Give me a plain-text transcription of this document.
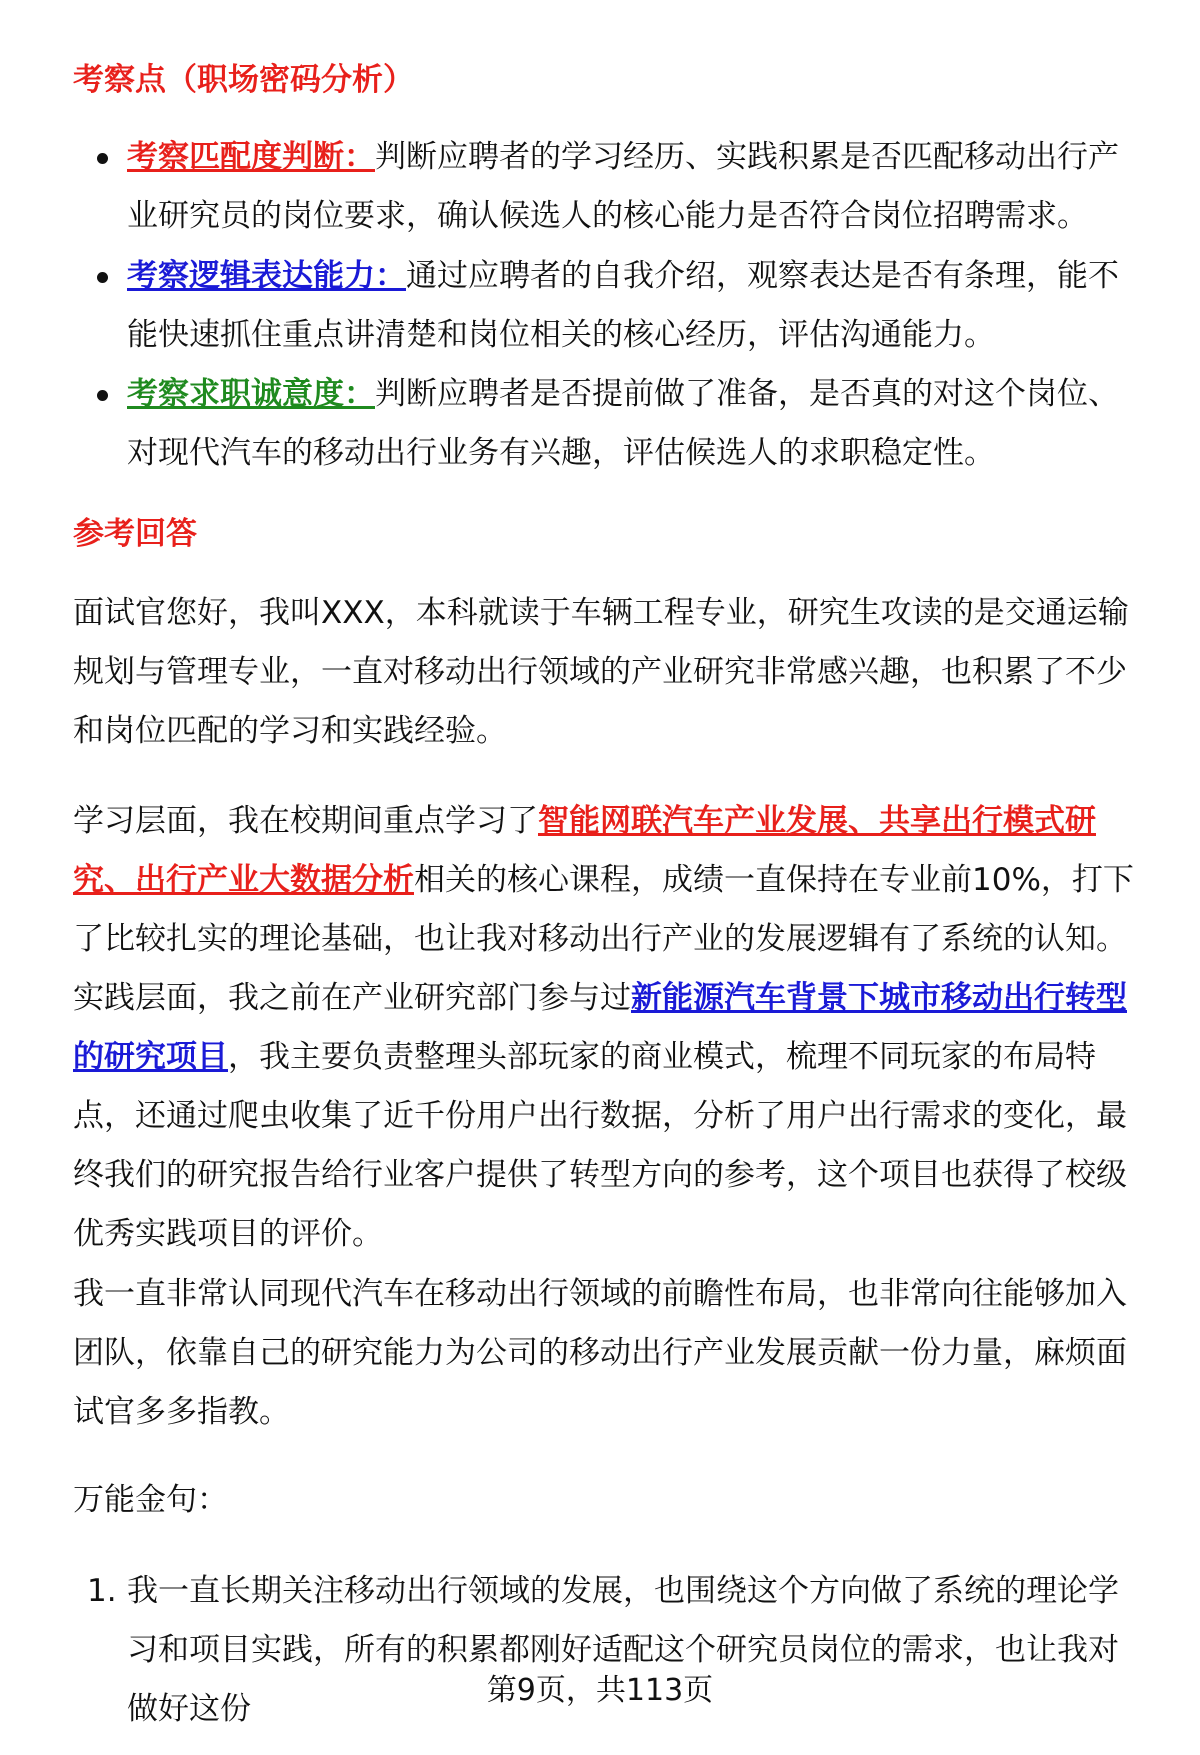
考察点（职场密码分析）
考察匹配度判断：判断应聘者的学习经历、实践积累是否匹配移动出行产业研究员的岗位要求，确认候选人的核心能力是否符合岗位招聘需求。
考察逻辑表达能力：通过应聘者的自我介绍，观察表达是否有条理，能不能快速抓住重点讲清楚和岗位相关的核心经历，评估沟通能力。
考察求职诚意度：判断应聘者是否提前做了准备，是否真的对这个岗位、对现代汽车的移动出行业务有兴趣，评估候选人的求职稳定性。
参考回答
面试官您好，我叫XXX，本科就读于车辆工程专业，研究生攻读的是交通运输规划与管理专业，一直对移动出行领域的产业研究非常感兴趣，也积累了不少和岗位匹配的学习和实践经验。
学习层面，我在校期间重点学习了智能网联汽车产业发展、共享出行模式研究、出行产业大数据分析相关的核心课程，成绩一直保持在专业前10%，打下了比较扎实的理论基础，也让我对移动出行产业的发展逻辑有了系统的认知。
实践层面，我之前在产业研究部门参与过新能源汽车背景下城市移动出行转型的研究项目，我主要负责整理头部玩家的商业模式，梳理不同玩家的布局特点，还通过爬虫收集了近千份用户出行数据，分析了用户出行需求的变化，最终我们的研究报告给行业客户提供了转型方向的参考，这个项目也获得了校级优秀实践项目的评价。
我一直非常认同现代汽车在移动出行领域的前瞻性布局，也非常向往能够加入团队，依靠自己的研究能力为公司的移动出行产业发展贡献一份力量，麻烦面试官多多指教。
万能金句：
1. 我一直长期关注移动出行领域的发展，也围绕这个方向做了系统的理论学习和项目实践，所有的积累都刚好适配这个研究员岗位的需求，也让我对做好这份
第9页，共113页
